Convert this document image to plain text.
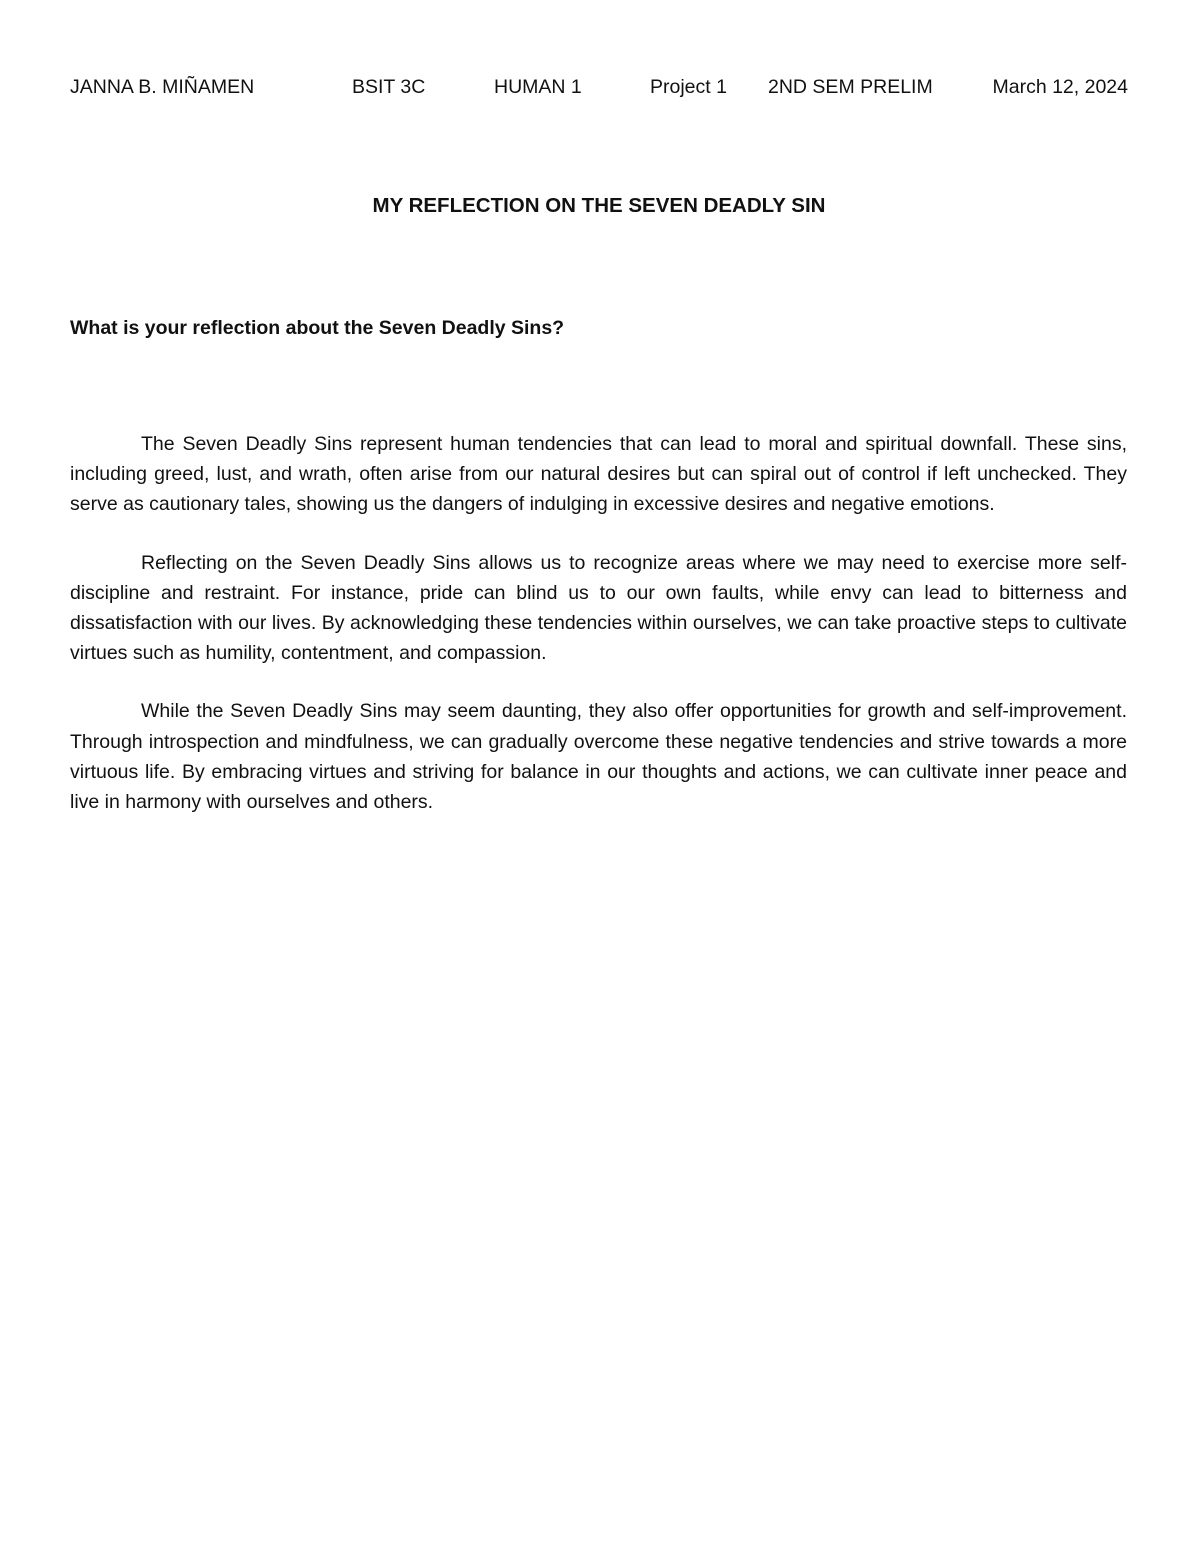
JANNA B. MIÑAMEN	BSIT 3C	HUMAN 1	Project 1 2ND SEM PRELIM	March 12, 2024
MY REFLECTION ON THE SEVEN DEADLY SIN
What is your reflection about the Seven Deadly Sins?

The Seven Deadly Sins represent human tendencies that can lead to moral and spiritual downfall. These sins, including greed, lust, and wrath, often arise from our natural desires but can spiral out of control if left unchecked. They serve as cautionary tales, showing us the dangers of indulging in excessive desires and negative emotions.

Reflecting on the Seven Deadly Sins allows us to recognize areas where we may need to exercise more self-discipline and restraint. For instance, pride can blind us to our own faults, while envy can lead to bitterness and dissatisfaction with our lives. By acknowledging these tendencies within ourselves, we can take proactive steps to cultivate virtues such as humility, contentment, and compassion.

While the Seven Deadly Sins may seem daunting, they also offer opportunities for growth and self-improvement. Through introspection and mindfulness, we can gradually overcome these negative tendencies and strive towards a more virtuous life. By embracing virtues and striving for balance in our thoughts and actions, we can cultivate inner peace and live in harmony with ourselves and others.
